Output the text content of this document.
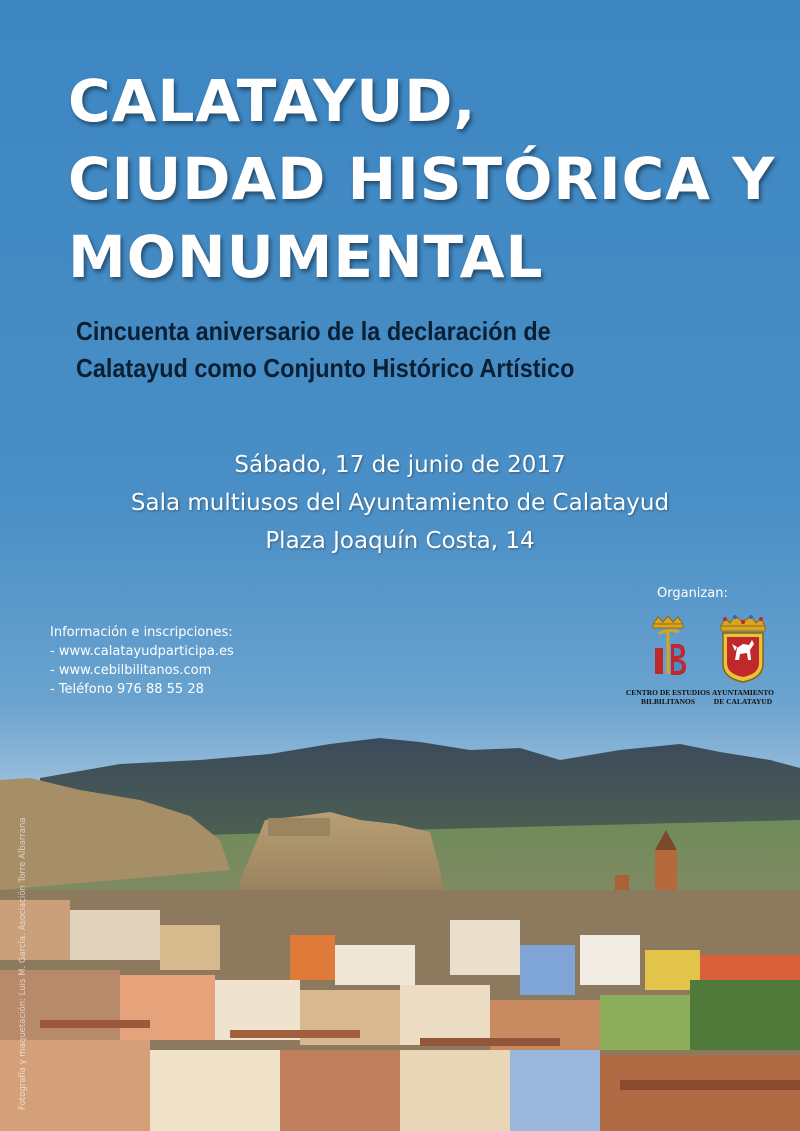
CALATAYUD,
CIUDAD HISTÓRICA Y
MONUMENTAL
Cincuenta aniversario de la declaración de
Calatayud como Conjunto Histórico Artístico
Sábado, 17 de junio de 2017
Sala multiusos del Ayuntamiento de Calatayud
Plaza Joaquín Costa, 14
Información e inscripciones:
- www.calatayudparticipa.es
- www.cebilbilitanos.com
- Teléfono 976 88 55 28
Organizan:
CENTRO DE ESTUDIOS
BILBILITANOS
AYUNTAMIENTO
DE CALATAYUD
Fotografía y maquetación: Luis M. García. Asociación Torre Albarrana
